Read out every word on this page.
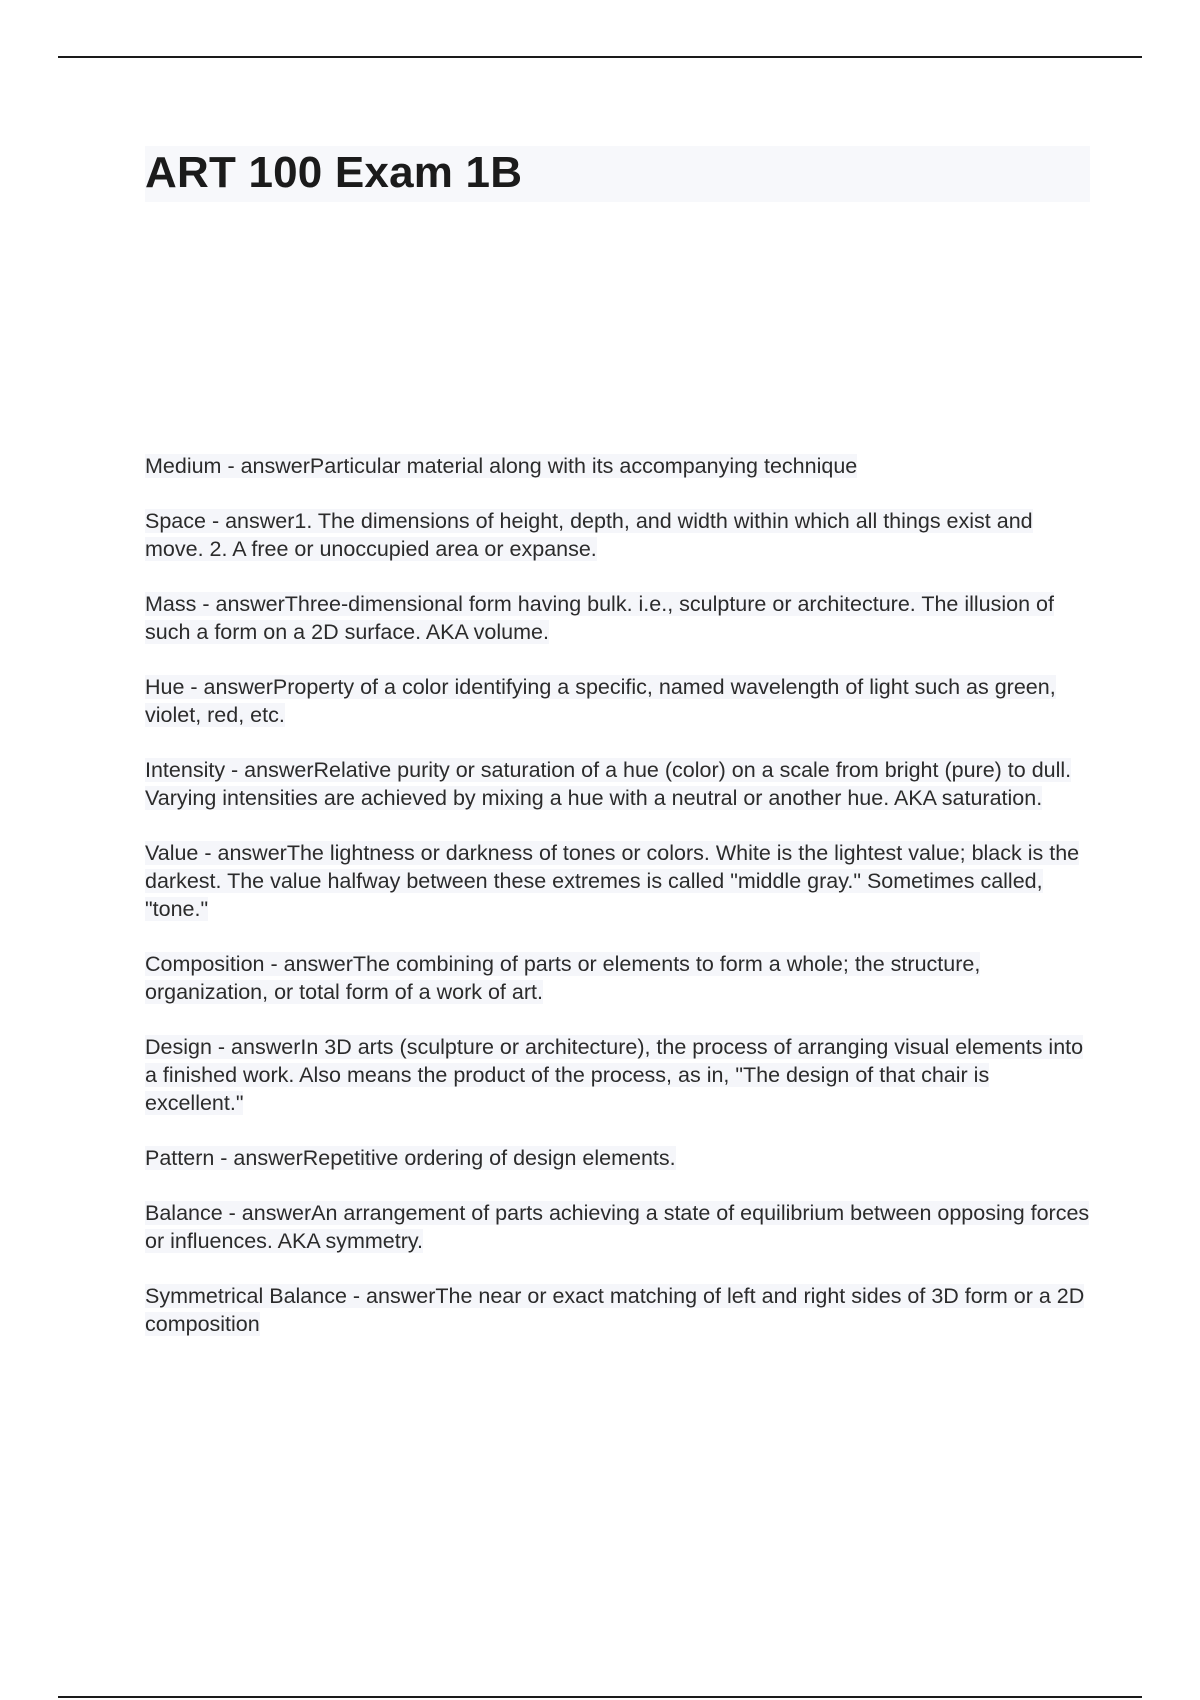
ART 100 Exam 1B
Medium - answerParticular material along with its accompanying technique
Space - answer1. The dimensions of height, depth, and width within which all things exist and move. 2. A free or unoccupied area or expanse.
Mass - answerThree-dimensional form having bulk. i.e., sculpture or architecture. The illusion of such a form on a 2D surface. AKA volume.
Hue - answerProperty of a color identifying a specific, named wavelength of light such as green, violet, red, etc.
Intensity - answerRelative purity or saturation of a hue (color) on a scale from bright (pure) to dull. Varying intensities are achieved by mixing a hue with a neutral or another hue. AKA saturation.
Value - answerThe lightness or darkness of tones or colors. White is the lightest value; black is the darkest. The value halfway between these extremes is called "middle gray." Sometimes called, "tone."
Composition - answerThe combining of parts or elements to form a whole; the structure, organization, or total form of a work of art.
Design - answerIn 3D arts (sculpture or architecture), the process of arranging visual elements into a finished work. Also means the product of the process, as in, "The design of that chair is excellent."
Pattern - answerRepetitive ordering of design elements.
Balance - answerAn arrangement of parts achieving a state of equilibrium between opposing forces or influences. AKA symmetry.
Symmetrical Balance - answerThe near or exact matching of left and right sides of 3D form or a 2D composition
